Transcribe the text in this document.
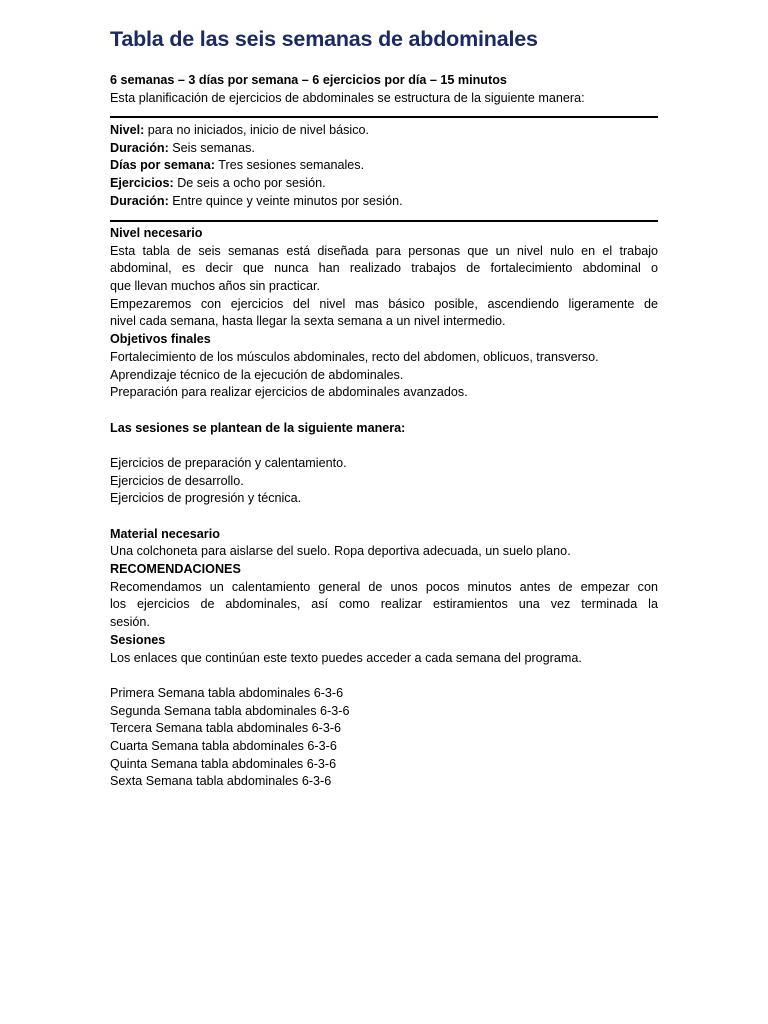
Tabla de las seis semanas de abdominales
6 semanas – 3 días por semana – 6 ejercicios por día – 15 minutos
Esta planificación de ejercicios de abdominales se estructura de la siguiente manera:
Nivel: para no iniciados, inicio de nivel básico.
Duración: Seis semanas.
Días por semana: Tres sesiones semanales.
Ejercicios: De seis a ocho por sesión.
Duración: Entre quince y veinte minutos por sesión.
Nivel necesario
Esta tabla de seis semanas está diseñada para personas que un nivel nulo en el trabajo
abdominal, es decir que nunca han realizado trabajos de fortalecimiento abdominal o
que llevan muchos años sin practicar.
Empezaremos con ejercicios del nivel mas básico posible, ascendiendo ligeramente de
nivel cada semana, hasta llegar la sexta semana a un nivel intermedio.
Objetivos finales
Fortalecimiento de los músculos abdominales, recto del abdomen, oblicuos, transverso.
Aprendizaje técnico de la ejecución de abdominales.
Preparación para realizar ejercicios de abdominales avanzados.
Las sesiones se plantean de la siguiente manera:
Ejercicios de preparación y calentamiento.
Ejercicios de desarrollo.
Ejercicios de progresión y técnica.
Material necesario
Una colchoneta para aislarse del suelo. Ropa deportiva adecuada, un suelo plano.
RECOMENDACIONES
Recomendamos un calentamiento general de unos pocos minutos antes de empezar con
los ejercicios de abdominales, así como realizar estiramientos una vez terminada la
sesión.
Sesiones
Los enlaces que continúan este texto puedes acceder a cada semana del programa.
Primera Semana tabla abdominales 6-3-6
Segunda Semana tabla abdominales 6-3-6
Tercera Semana tabla abdominales 6-3-6
Cuarta Semana tabla abdominales 6-3-6
Quinta Semana tabla abdominales 6-3-6
Sexta Semana tabla abdominales 6-3-6
